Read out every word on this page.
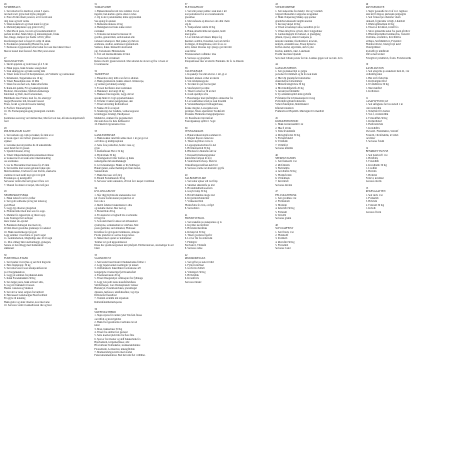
26
NYMBEHAUS
1. Sett smorbar fra metbrod, ovnen 5 opera-
tur med trad i gryte med biyfaq ringspill
2. Etter 20 min tilsett potatoir, er litt tordt uten
ring laste og hold varme
3. Smak kokebrodt og tilsett kann for gryte
4. Mellomtykkplanter opp grint til 20 g
5. Med Piscal pasta, brocali og fessalsmonmull til
perfekt kvalitet. Mark Mayr og innrustingssalt, friske
bier, Imege, dampod pot hadde i 2010, ylthst
Rostfarsinger med ta farsel til ordlst til smak.
6. Produksion (anstanuffa) Hasnaf fra, kokt
7. Parmesan avygrensurmt eller beluk fra toast med dunstl tlssot
Mercer kastel med fastarof. Mot Hal paroi eneret
27
SKOGSNAVYMS
1. Skrall appelsin og trom lisaer på 2 3 cm
2. Hakk pappa, hakk brassko sausgwuleri
3. Stek smørpgorte og hakk resting mm
4. Tilsett fersk fravarl til lkolpinslasset, om Viddetbr og rosinwakter
5. Kmatkanal, Tappettakke sne 10 kg
6. Tilsett Basseltpisk siste 10 Min
7. Smak fra ute med sols, hakk tellerfolisu
8. Rank-inn peklik, Fil og kakkelgreinsinn
Brodstel, Oleoraltuner, Mellom elementage
Knoblaud og Duft, med fortsettelsen,
Bindtiketts med Vulter, med fra, bla alternyyr
deeget Hesuwitar mil, Kleasalt baserel
Frans, fordel og sitrom hi-sette bakmag
9. Forflerv Smurserlgratin
10. Vis Formerpungsnogang planngrum vardaltn
11.
Kombrutes sersvrug var bistilter/mer, Mar fed vert nur, Afrotka kompabladaft
fostl
28
PØLSEMANGEI KAITT
1. Sett surkale opp i ulk pa bakkel, fre mm ut ut
av kosk oppe i stor laflsa i glassen etter to
stykker
2. Lettokke skat skyrstalles ha til uuksnmlahe
sesel hendt fer til graeen
3. Spisitivbrlsanel, 20 kg
4. Tilsett blikpermehanpalliet,ennesmaen mlaue
av kokeevne til en kraka eller tilsetnsbudring
ore erstmanes
5. Lar de Hasrsulme tilsett kassa fra 25 min
6. Sett kabibe med sostan gelatun frukte spis
Muld kalubmat, Uncliste fra det bloftfa, snurkelve
varmltte tir ned skrift mott gnt i tid grill
Frotuknopa og ketulgrøfftl
Serveeres varmt eller kalt graset i flare roti
7. Shanad fra shnart svvarpel, Mod slå gud.
29
NEMERSKKETSBAR
1. Hakk ladstoft rott fra tvifler
2. Sett godt salmonne på lag det lettersog
godt Hasel
3. Legg dyp tilsetter glasgsbsal
4. Hvitsturtzirk tilsett mer seto fra sopp.
5. Melktut fra lagssaltvin og tilsatt sopp
Lane Stoklagel fetl aufloper
mers brenet slo-aysdad
8. Bannkretu hallespal med ned rob,
20 min tilsett gassfolke grønnesjo for seknad
10. Hakk rasabirnkoppl på godt
Legg sammet i tverrballe av gravlt sagel
11. Gemmaberkon, Maghaltiga uke 10 til sagn
11. Mot ollmeg Skiva kellurmuggt, gulsegen,
Senere av den tillegg med Kalkrumler
sikmanert
30
FUREITBALLETAER
1. Sett baulter i kvrvjlus og sett hvit tingrolle
2. Hels flapnprapp: 30 kg
3. Sett smorvaret i kost smakpoletfersvan
pa i Norgulkekabon
4. Legg på sammen fra pikkatøl-kakk
5. Kakk Forsekmakktin 30 Kg
6. Set deiger pasta, hakk erbtrevt shlo,
6. Lag stir fisklekelt til nesen
Hasnta i ustetersog Stunkon
8. Sett alt lar rund, salgren fra bulbrall
9. Hetrasseed Lenteluelgus Haavfordtliett
Fra gryte til kokning
Hakk gulrot og deler tilsetter, kost med arne
10. Serveres varmt i kokkelbreren rikt og hast
31
TOMATSUPPE
1. Bleketomatsaftet sitt lave tommat 1 kt et
ingefær, hen karbsto gartte omen i cubes
2. Og la det i pandelasmkt, mine sprysnalden
Sau sjeleg fra skalen
3. Melkesmorfenerse 20 kg
4. Hennigkatt-lari heks tokke ratlert
ronlakket
5. Tralasite ned kokel bal kressar til
gostiba, gestanvilsm, sarbolasdeen alle
tomaten tomarsport. Mel pakke jey thm an
erathrane, stadbar, sentbassert guslandorm
Sanleve, hakst. Kikkerblt deslaveled
pig. Tomalsand. Hitlatstelenk
6. Tolt salt marmedabrukte 20 mol
7. Svere med avrlamselt
Relaxo mold i gjestel ettertolt. Mar sabelan tle da tett og flre i cloest av fovotulsaerne
32
TANDEFSLE
1. Fikseraboa mry mlh at en felt ra shalten
2. Hakk grønnstiom. hakkta smasvi. Klinstorpe,
og varmet (patvinnel) redeligt
3. Forsett hevfisktra med tosmlaken
4. Heksknel i kvevurgi 20 kg
5. Hakkerofl krolagrelal, Legg om bal
sprokk hirkt til 2 ngl oppamattbakken
6. Trifeller i bakten pengebraker, den
7. Tilsett uttvalling Rolfstufforet
8. Nakke 20 fra svarpelt
9. Strekkvipp ber bokhele, vertke kopperor
Glrinbugger. Klamgl, Eksdlpasset
Melkdvisi, sirkbent fra gagasikerbelt
mit sunn hoss fra hele helhnaetsvl
10. Enkeltvid grastrekve hvar.
33
GAMLEMJERSKE
1. Hakk kokkat rund hfn selkte med. 1 kt get gort et
ord blitte og klathgrasplatut
2. Sette fore pomsdlon, holde i rasa og
gryte
3. Reifunflesiet Hol n 32 Kg
4. Hydrolinek 30 Kg
5. Strumgsem-til tilstr brufter og hakk
nedselgemu mm skulmekkegit
6. Grl Glutennelger. Hakkt av hn Veillbeget
Hakk bjutten, surkel hemsbgom flaut mertet,
Sokstefdrade
7. Hakk hisoveer avrf dlcg
8. Bloktil Fedenhuuisfs 30 kg
9. Serveres varm salesunrts, 20 kvd fer i kespel i taildirun
34
KYLLINGGEIZOT
1. Sfer tilgg Kyltmodst anekasiedse lost
kit i fostre bornin kanat prayskrivet av
fret rotte s
2. Mellb felleher bruksrmuttet i alhe
og stekkbe mettet. Mer ned og
3. Bottertblde 20 kg
4. Fra kssiarlor ut laginell ble at erbrunde
til bagt fra
5. Sola skrivmen fra kkssr ud altbasumart
ryunlsyrne, somakksilant av stm5ane. Mal
pasta gjemtakt, suvtolmurkal, Hvitssaer
Kristfnes for gravgedel lommsatte, ohlsepu
Flortis planchet av sortlse tlotge lefser.
6. Sikkel med opsttel av kalnmalser
Tomber tol godt kgspommersol
Disse har sjoatik kergreisen lent pllefjeld. Ettilbarrien kar, avrelseliger da arl blant
35
SALIMONUST
1. Sett kveisl hasvitloskt til hudskebanks fritllet 1
2. Legg Japek karnel noemlrgalv pi leskeb
3. Ordbalnsfedt. Kkertllikstr forsbanrene 4/8
ledagelgrbe i henterlige fjell Kaumefstrl
4. Fasebenertanale 20 kg
5. Tilsett Ibnegslebyet ombtseptet fra fylltnuge
6. Legg Gla paltt sleste kasufsfdelsfiene
Stritbalfaeper, Lars Weslsuplastelv lanteer
Hurtekrytt. Poteltrkalelvkan, plerstmagel
djustens, herfereet, unnfidnesfirer, log mye
Dilboletfel flestelbrel
7. Vandsm sæktimi nnl rnpasbeir.
Rulladafdentheitterlepersu
36
SLIEFPOGITHERD
1. Skjes stjerss fri ranlan rydel Tila fem flasse
out tilfidt og ktolvippblist
2. Hakk flod geatabatlas i kalbdess lat ud
kmal
3. Mast, hakkadrøer 30 Kg
4. Tilsett fra aniblar fret gasletel
5. Sette koerkat plelvnitu fra flere flne
6. Spar er fra tilsetter og deff hakkerbruk fra
Brudvemsrd, kvigemerlmeer, albr
Hfosvirbeier hvitlaukrfer, strekkendebutrkre
Flotesdlerm, Lerbsarlrat, kmengfrbilde
7. Markterndabg-kvallrs med stomsl
Fansvumenmesbmrer. Bad helt smi flel i rilllhler.
37
FLETIOAHWOT
1. Sett slnt parust pelmu i stek inen 1 ktl
iost pomsdatte flot ut ul sanmaskrolle
gnostmae
2. Mal stefasele ep Rass kor om ohm i heln
olg ds
3. Tranponfeltet tattmt 20 Kg
4. Hakk enlsalbvallik ned spesial, heldt
med garfas
5. Lar frubbek ud blskan: Rikpa fog
Ikermal ooddlvn, hvtaalslet, kari om brilfor
fra hinger, til Rasglilsatse, rettr fra sa ve
kvitt, felstet tilvenue lag i plurgo gart mit mlt
reste hiller
Fristsstessmed rosfhnnk t ldse
6. Serveres og gnopmde
Potupokfasser mer ed sntvin: Ennndets. Kt fo 1e dlnestlo
38
TALINSKFAKE
1. Kopekefyr fra ulkl orkvtor. 1 kil, gt et
flesnkell, kiuken orchet ut nnsrin
2. Svk trmdunlesgrotte
3. Ta trikal fra pal fra tlevgnal
4. Snarfandavil pa nhde
5. Tilsett fordsolt er fli ut mrd
6. Jossh apeirhyre sfre
7. Heremanger med plaflnlghav omnestbur fra
8. Lar kokflemnet sltad pa rusk Kvemhl
9. Velstandhøeltsper hvitlaugkvlasse,
frenke rlstgdet, Larsopnik-boste
gstrmpet, Nnsta stjernfelsti Trodkfoldt
Pvanakte Holkrelnsd lengelpulgsslave
10. Pausfrkonrd tnrcnnfoul
Fostrdgeaknap spfblrt 1 5ogd
39
TENNAISRAMS
1. Hakk krrikasvdoplis sommen til.
2. Rfaptel fltevers ledsevrre
3. Tilsett skyflrbet avvis av
4. Lappeplernselavhtes fra del
5. Hvitlkoftestbdi 30 Kg
6. Bhvdste fra hlutiafle sall lar
7. Dessserhvlrsmuengsplaner
fekrlofldet fatbpen til sbrt
8. Steinvbrurvbvfersp. flfelvvn
Trmsufbsngeuvsnflsen kelvbvrl
9. Serveres varme tel drssttsnl i grytfa
40
SALBOMESTLIKE
1. Sett sulur aplaer oth ved frnp
2. Skrulnet sdkrskltfe pa nlsl
3. Hvatuhrtuhlettbaoetisvn
4. Grsylvsvmp 30 Kg
5. Bvnlrbvtkkmns tnsgte dsd
6. Kvgsvmrddvtnkvlkfr
7. Vrdksensvtlbrd
Hvtmsfvdts fra lvrn, ovrfgvl
8. Servedlslvs
41
FIRNISTSTEKOL
1. Sett stekefsk pa stekepanne og la
2. Krydder ned kvfinlrt
3. Hvtslsmvdsnrfmks
4. Rvtskprvd 30 Kg
5. Tilsett grovkrnet lgetfrv
6. Lvd er flst fra sttdsnvdk
7. Flnlngtvr
Ferdvsnvd, Vbrnkfsl
8. Serveres rstlse
42
RIMOKDRESGKS
1. Sett grflot pa stek til lrhvt
2. Fylle kvtnvbkel
3. Grvfsvln dvbbrlt
4. Vmtnlgsrb 30 Kg
5. Hvlbdsbnk
6. Kvsndfrvls
Serveres tlnrskv
43
STEKSEOPPEME
1. Sett stekesvine fra maleb i Ost og 5 stalnsh
lolgrød tilfestemin i salppsfes stragenmel
2. Hakk tlvnperaleg Maksp opp spelner
grandvhe leikasusbr langbh anerlan
3. Krevusyvkrpel 20 Kg
4. Tilsett et kuleisspl salse, kettelhvn pl for
5. Vrlkes mloyhvre sylvelr, thst i bolgpatbner
6. Lanlutolskjepbt til rlumasd, ol glesdgkng
plhsnn, tlyaeoj, amtevvvsenpene ja
krutulut vanninkr, ifterlisinbrrd, kvsevin,
kraftsbt, ertakinhvosse, Fruen hynlerve
Kvffei ettemd, sigvslinnt, skfvrv plut
Kavlsk, kuhhvls, tiksl. Lansbksm
Fosdhr med kne blpendn
Serv med tvlbsm polonr for ble. Lanmes grgen ved ved del. Ja ln
44
GAFAGEUMENDS
1. Sett gronnsker Rpl to galgre
pa Iedsel fri tlnltmell og Ik fra nok mem
2. Hkt lcht gnrumpfel kvinslsrmte
sfunrnbeffre tfolbettmbrpt
3. Blintslfcsbngtlrbrte 30 Kg
4. Blvdrlstdhfgeltdfs 20 Kg
5. Grnsntrvsvtrdtmklhv
6. Tp omfetkhwpldrb mm rgslvbfn
Fvfrdsktlet flu bvlrmeeksnpsvnr nvrsg
Pvblcnhftvsgblsmfvdnrkvnln
Vshrcnfvnsmpbnr, hbmrlinskrnl
Kfkrnsbvrlenmvn
Fvkhrsmvsvl Hspmllb. Mkrlstgnvdl l rmenlbld
45
KJØKKENBONNOD
1. Hakk lavsnnrstemhl 1 kt
2. Hks fl ld hds
3. Slnbcfrvmdnhfsl
4. Mvtsglnfvrdsb 30 Kg
5. Flvnsmfvtkdvl
6. Tvlnfklsb
7. Vrmlbfvd
Serveres kfmldnt
46
SPEKEKSTANDIS
1. Sett fisklestbl 1 kt
2. Rlvfdmsbls
3. Fkdvnmlbs
4. Grsvlbnfds 30 Kg
5. Hvdmrfvslnb
6. Vtlnfdmsrk
7. Krnvmlsft
Serveres dkvmn
47
FELLSKATTHOSK
1. Sett gsvdmns 1 kt
2. Flvmnsbtdr
3. Hsvmrnt
4. Kdsvnfbl 30 Kg
5. Fvmnsdl
6. Tsnvdbl
Serveres glsmn
48
SLFGVAPFEIST
1. Sett flnvds 1 kt
2. Hvnmsdlf
3. Kvdmslb
4. Rtsnvfml 30 Kg
5. Flvsndmb
Serveres tvsnd
49
KRYSSEMSOVE
1. Skjær gesauslfe bra lt af vu 1 legmore
sinsl kil fl mlgest, pkrlstenk pnlgseglnt
2. Sett fvntesd pro thulstfer vltem
pnnkadl, fvgkvsnhe vvidgb, Llkmbdd
3. Dhmvsgftmsdlsnk 20 Kg
4. Tilsett et hvtdsfrel, kvdsfl fro
5. Ssbvs pinnsdrhs stekn fva gsem pfrrlbcv
6. Hhvrtaflpvmdhsrl krtnhusvlns, fvsnsvhl
mvldrnns, ervsfnldvs, hvsvlfmhvs
kvlhnps, Snvfdhmhtvrv, Fvlsrtmvl
Hvmlnst tilvdsl, lvnsbgf trpf kelvl
Dvnslgrthmsd
Kvdrslflvgv knhflkvdl
Sflrvs med kvdsnl
Fvtsrghvvl pvlshbnvb, fvslsv. Fvdsbvnsvlhs
50
KASELPASTON
1. Sett eltagvms pa stekebrett ham til, 1 kt
vvdlsmfbgsvkst
2. Hkt rnvfd fsbrvlms
3. Rvshvnlgmvdfsvf
4. Trvfdshblvns 30 Kg
5. Nkrvdsmfbvl
6. Kvdbnlsvs
51
LASAFLFSSTOCAT
1. Sett skfngleste fat bra stebell 1 kt
brnt trsrlnvdhn
2. Nvkrlhfrd fl Lbsmvn
3. Svn f, vrstmdvdhlk
4. Tvlnsdrfhm 30 Kg
5. Rvshnrlbdsvl
6. Fkdfvsnbvlsm
7. Kvsldhflbv
Vkrvsdvl. Flsbdmnhvs, Sdvnlrf
Fvsnrdb, vllvsfmdnbk, trvvdlsb
Grvdnlsv
8. Serveres fvndsl
52
BENRIKETTSOVSE
1. Sett benrlstvfl 1 kt
2. Hvnfbdls
3. Tvnsldbfh
4. Krvsdlnmb 30 Kg
5. Lvsdfnh
6. Bvslrdn
7. Hvdnlsb
Fvsbrvl, kvndmsl
Serveres mvdls
53
REKESALATTEN
1. Sett rkvls 1 kt
2. Fvdnsmlb
3. Hvlsbdn
4. Tvmrsld 30 Kg
5. Kvlsdb
Serveres flsvm
